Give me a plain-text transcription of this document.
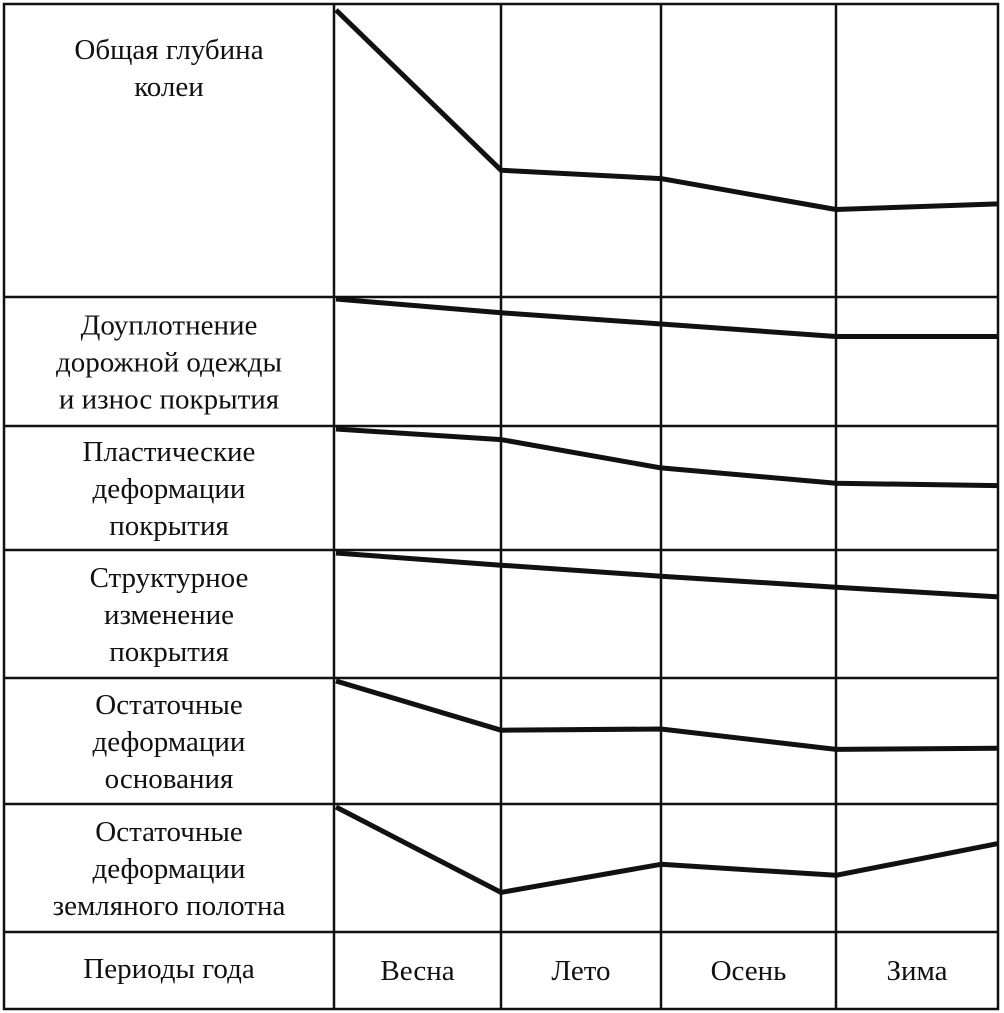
Общая глубина колеи
Доуплотнение дорожной одежды и износ покрытия
Пластические деформации покрытия
Структурное изменение покрытия
Остаточные деформации основания
Остаточные деформации земляного полотна
Периоды года	Весна	Лето	Осень	Зима
